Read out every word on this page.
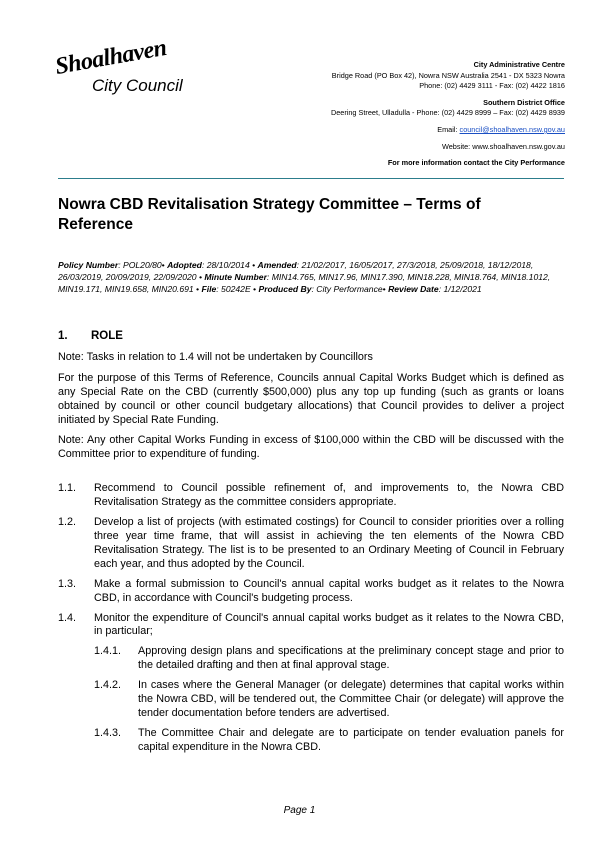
Shoalhaven
City Council
City Administrative Centre
Bridge Road (PO Box 42), Nowra NSW Australia 2541 - DX 5323 Nowra
Phone: (02) 4429 3111 - Fax: (02) 4422 1816
Southern District Office
Deering Street, Ulladulla - Phone: (02) 4429 8999 – Fax: (02) 4429 8939
Email: council@shoalhaven.nsw.gov.au
Website: www.shoalhaven.nsw.gov.au
For more information contact the City Performance
Nowra CBD Revitalisation Strategy Committee – Terms of Reference
Policy Number: POL20/80• Adopted: 28/10/2014 • Amended: 21/02/2017, 16/05/2017, 27/3/2018, 25/09/2018, 18/12/2018, 26/03/2019, 20/09/2019, 22/09/2020 • Minute Number: MIN14.765, MIN17.96, MIN17.390, MIN18.228, MIN18.764, MIN18.1012, MIN19.171, MIN19.658, MIN20.691 • File: 50242E • Produced By: City Performance• Review Date: 1/12/2021
1. ROLE

Note: Tasks in relation to 1.4 will not be undertaken by Councillors

For the purpose of this Terms of Reference, Councils annual Capital Works Budget which is defined as any Special Rate on the CBD (currently $500,000) plus any top up funding (such as grants or loans obtained by council or other council budgetary allocations) that Council provides to deliver a project initiated by Special Rate Funding.

Note: Any other Capital Works Funding in excess of $100,000 within the CBD will be discussed with the Committee prior to expenditure of funding.

1.1.	Recommend to Council possible refinement of, and improvements to, the Nowra CBD Revitalisation Strategy as the committee considers appropriate.
1.2.	Develop a list of projects (with estimated costings) for Council to consider priorities over a rolling three year time frame, that will assist in achieving the ten elements of the Nowra CBD Revitalisation Strategy. The list is to be presented to an Ordinary Meeting of Council in February each year, and thus adopted by the Council.
1.3.	Make a formal submission to Council's annual capital works budget as it relates to the Nowra CBD, in accordance with Council's budgeting process.
1.4.	Monitor the expenditure of Council's annual capital works budget as it relates to the Nowra CBD, in particular;
1.4.1.	Approving design plans and specifications at the preliminary concept stage and prior to the detailed drafting and then at final approval stage.
1.4.2.	In cases where the General Manager (or delegate) determines that capital works within the Nowra CBD, will be tendered out, the Committee Chair (or delegate) will approve the tender documentation before tenders are advertised.
1.4.3.	The Committee Chair and delegate are to participate on tender evaluation panels for capital expenditure in the Nowra CBD.
Page 1
